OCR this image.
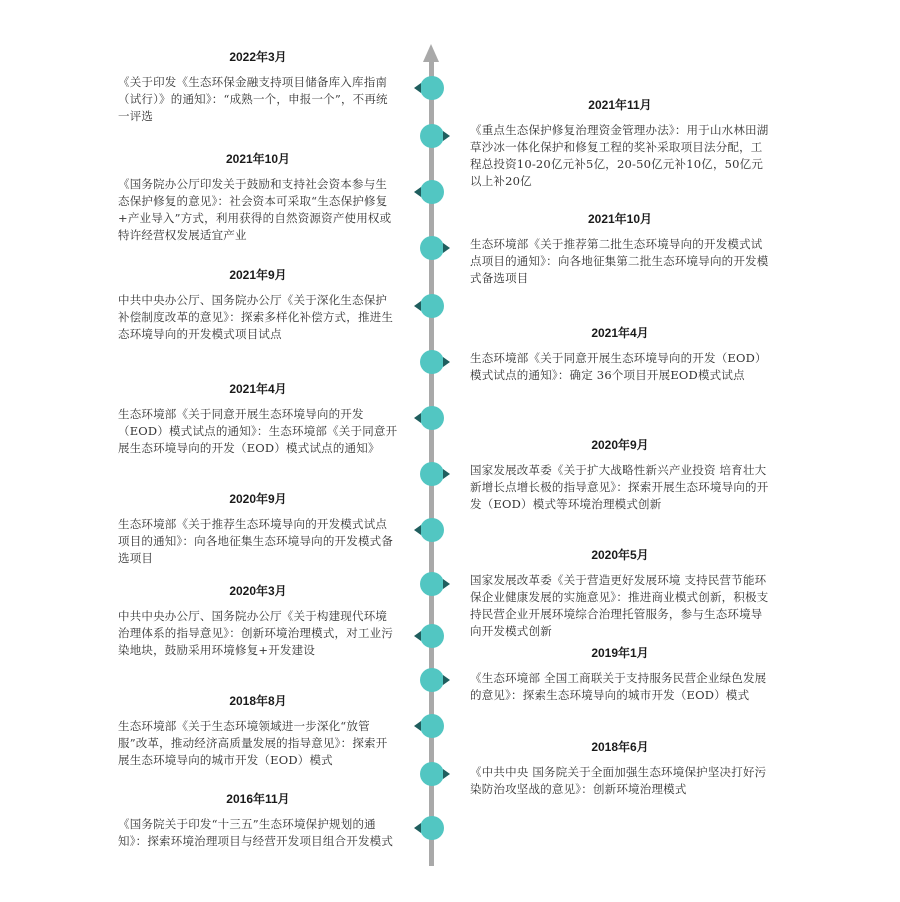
2022年3月
《关于印发《生态环保金融支持项目储备库入库指南（试行）》的通知》：“成熟一个，申报一个”，不再统一评选
2021年10月
《国务院办公厅印发关于鼓励和支持社会资本参与生态保护修复的意见》：社会资本可采取“生态保护修复+产业导入”方式，利用获得的自然资源资产使用权或特许经营权发展适宜产业
2021年9月
中共中央办公厅、国务院办公厅《关于深化生态保护补偿制度改革的意见》：探索多样化补偿方式，推进生态环境导向的开发模式项目试点
2021年4月
生态环境部《关于同意开展生态环境导向的开发（EOD）模式试点的通知》：生态环境部《关于同意开展生态环境导向的开发（EOD）模式试点的通知》
2020年9月
生态环境部《关于推荐生态环境导向的开发模式试点项目的通知》：向各地征集生态环境导向的开发模式备选项目
2020年3月
中共中央办公厅、国务院办公厅《关于构建现代环境治理体系的指导意见》：创新环境治理模式，对工业污染地块，鼓励采用环境修复+开发建设
2018年8月
生态环境部《关于生态环境领域进一步深化“放管服”改革，推动经济高质量发展的指导意见》：探索开展生态环境导向的城市开发（EOD）模式
2016年11月
《国务院关于印发“十三五”生态环境保护规划的通知》：探索环境治理项目与经营开发项目组合开发模式
2021年11月
《重点生态保护修复治理资金管理办法》：用于山水林田湖草沙冰一体化保护和修复工程的奖补采取项目法分配，工程总投资10-20亿元补5亿，20-50亿元补10亿，50亿元以上补20亿
2021年10月
生态环境部《关于推荐第二批生态环境导向的开发模式试点项目的通知》：向各地征集第二批生态环境导向的开发模式备选项目
2021年4月
生态环境部《关于同意开展生态环境导向的开发（EOD）模式试点的通知》：确定 36个项目开展EOD模式试点
2020年9月
国家发展改革委《关于扩大战略性新兴产业投资 培育壮大新增长点增长极的指导意见》：探索开展生态环境导向的开发（EOD）模式等环境治理模式创新
2020年5月
国家发展改革委《关于营造更好发展环境 支持民营节能环保企业健康发展的实施意见》：推进商业模式创新，积极支持民营企业开展环境综合治理托管服务，参与生态环境导向开发模式创新
2019年1月
《生态环境部 全国工商联关于支持服务民营企业绿色发展的意见》：探索生态环境导向的城市开发（EOD）模式
2018年6月
《中共中央 国务院关于全面加强生态环境保护坚决打好污染防治攻坚战的意见》：创新环境治理模式
